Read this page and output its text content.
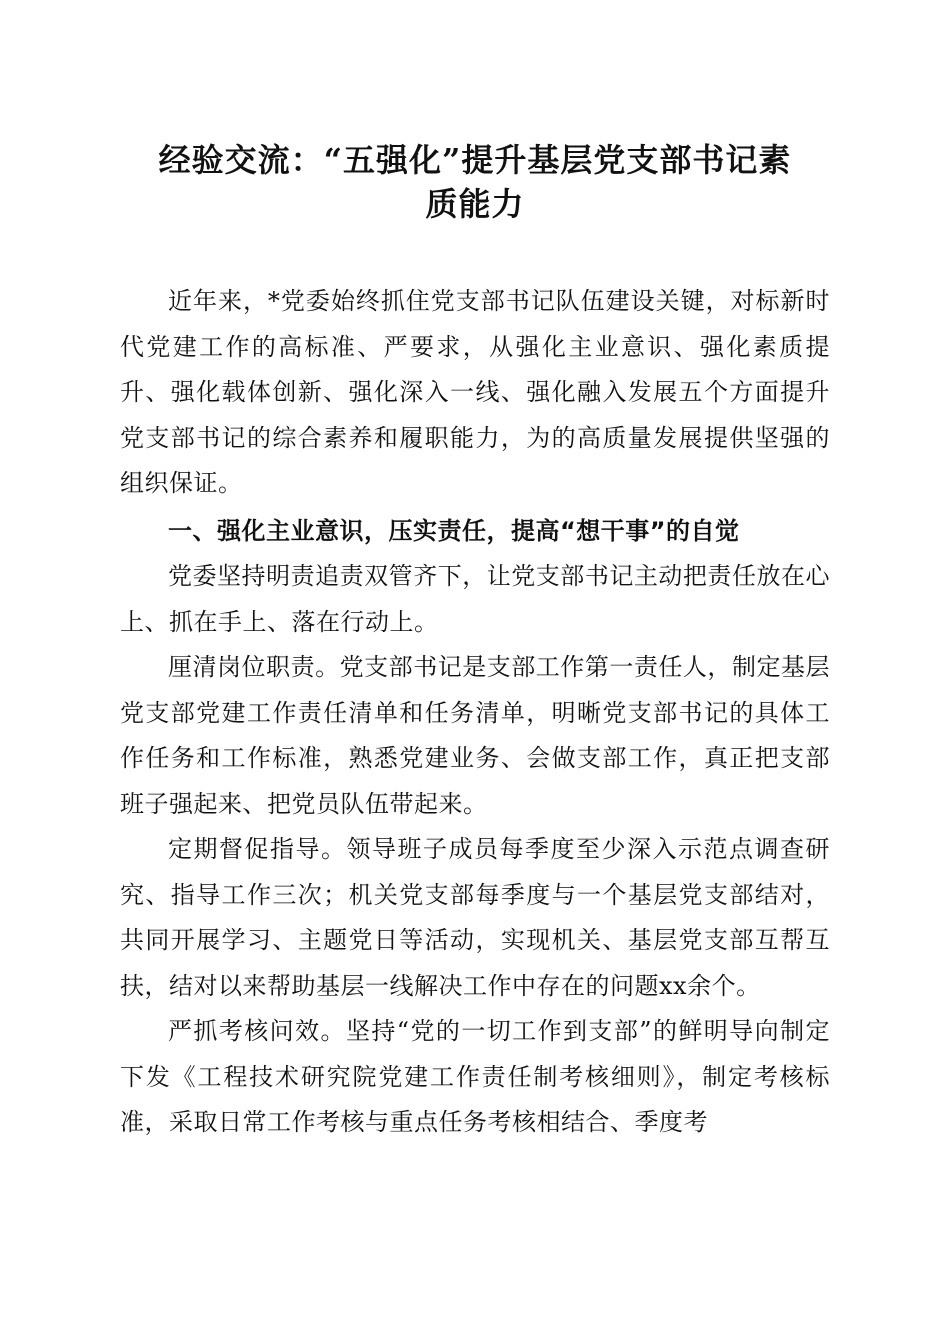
经验交流：“五强化”提升基层党支部书记素
质能力

近年来，*党委始终抓住党支部书记队伍建设关键，对标新时代党建工作的高标准、严要求，从强化主业意识、强化素质提升、强化载体创新、强化深入一线、强化融入发展五个方面提升党支部书记的综合素养和履职能力，为的高质量发展提供坚强的组织保证。

一、强化主业意识，压实责任，提高“想干事”的自觉

党委坚持明责追责双管齐下，让党支部书记主动把责任放在心上、抓在手上、落在行动上。

厘清岗位职责。党支部书记是支部工作第一责任人，制定基层党支部党建工作责任清单和任务清单，明晰党支部书记的具体工作任务和工作标准，熟悉党建业务、会做支部工作，真正把支部班子强起来、把党员队伍带起来。

定期督促指导。领导班子成员每季度至少深入示范点调查研究、指导工作三次；机关党支部每季度与一个基层党支部结对，共同开展学习、主题党日等活动，实现机关、基层党支部互帮互扶，结对以来帮助基层一线解决工作中存在的问题xx余个。

严抓考核问效。坚持“党的一切工作到支部”的鲜明导向制定下发《工程技术研究院党建工作责任制考核细则》，制定考核标准，采取日常工作考核与重点任务考核相结合、季度考
